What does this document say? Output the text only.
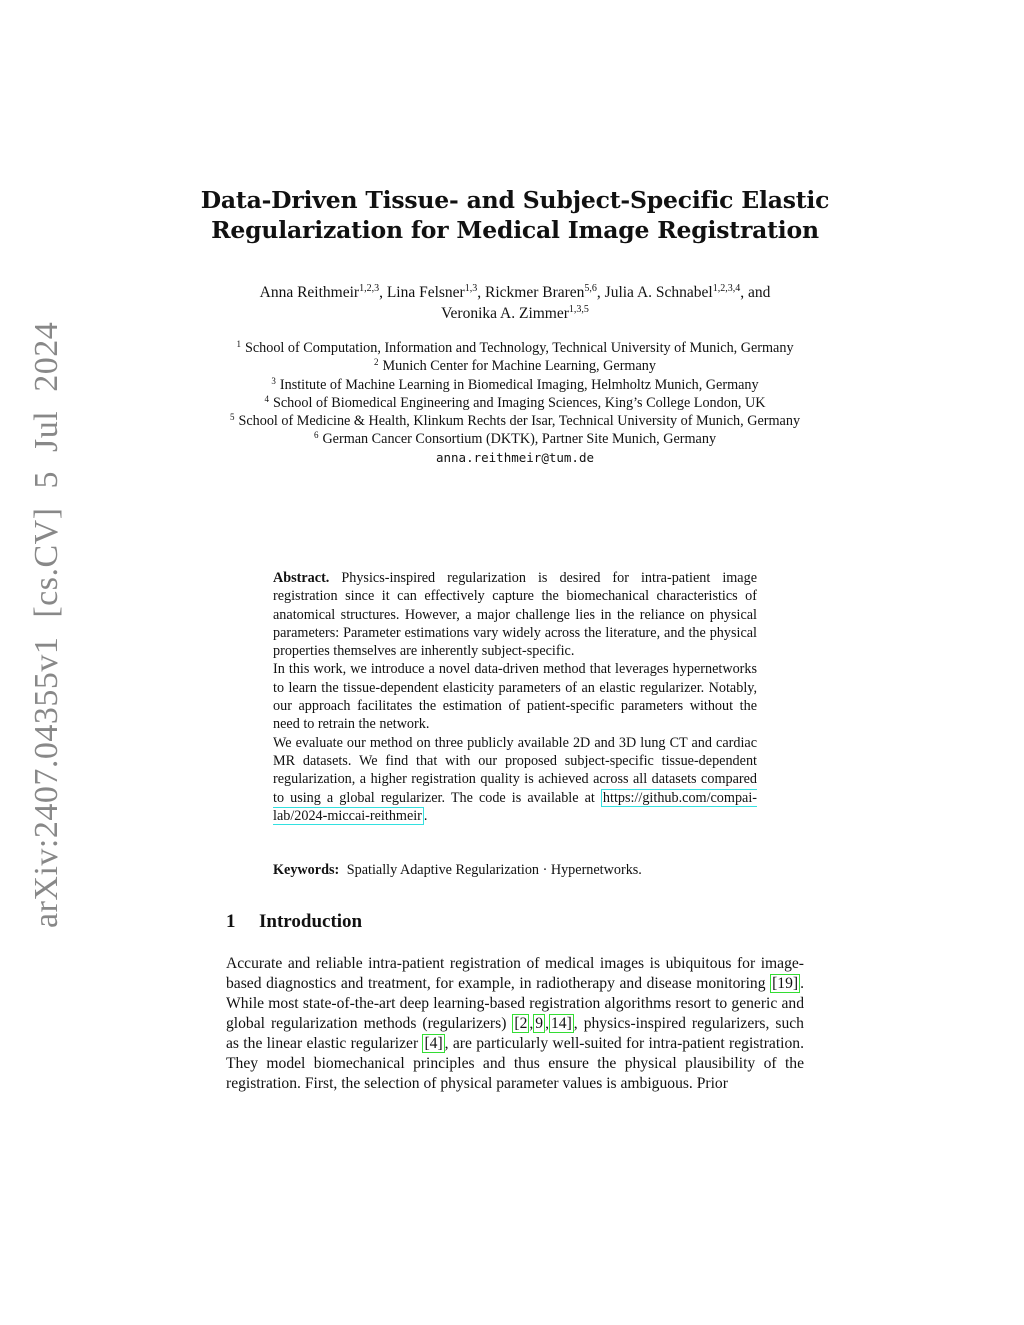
arXiv:2407.04355v1 [cs.CV] 5 Jul 2024
Data-Driven Tissue- and Subject-Specific Elastic
Regularization for Medical Image Registration
Anna Reithmeir$^{1,2,3}$, Lina Felsner$^{1,3}$, Rickmer Braren$^{5,6}$, Julia A. Schnabel$^{1,2,3,4}$, and Veronika A. Zimmer$^{1,3,5}$
$^1$ School of Computation, Information and Technology, Technical University of Munich, Germany
$^2$ Munich Center for Machine Learning, Germany
$^3$ Institute of Machine Learning in Biomedical Imaging, Helmholtz Munich, Germany
$^4$ School of Biomedical Engineering and Imaging Sciences, King’s College London, UK
$^5$ School of Medicine & Health, Klinkum Rechts der Isar, Technical University of Munich, Germany
$^6$ German Cancer Consortium (DKTK), Partner Site Munich, Germany
anna.reithmeir@tum.de

Abstract. Physics-inspired regularization is desired for intra-patient image registration since it can effectively capture the biomechanical characteristics of anatomical structures. However, a major challenge lies in the reliance on physical parameters: Parameter estimations vary widely across the literature, and the physical properties themselves are inherently subject-specific.

In this work, we introduce a novel data-driven method that leverages hypernetworks to learn the tissue-dependent elasticity parameters of an elastic regularizer. Notably, our approach facilitates the estimation of patient-specific parameters without the need to retrain the network.

We evaluate our method on three publicly available 2D and 3D lung CT and cardiac MR datasets. We find that with our proposed subject-specific tissue-dependent regularization, a higher registration quality is achieved across all datasets compared to using a global regularizer. The code is available at https://github.com/compai-lab/2024-miccai-reithmeir .

Keywords: Spatially Adaptive Regularization · Hypernetworks.
1 Introduction

Accurate and reliable intra-patient registration of medical images is ubiquitous for image-based diagnostics and treatment, for example, in radiotherapy and disease monitoring [19] . While most state-of-the-art deep learning-based registration algorithms resort to generic and global regularization methods (regularizers) [2 , 9 , 14] , physics-inspired regularizers, such as the linear elastic regularizer [4] , are particularly well-suited for intra-patient registration. They model biomechanical principles and thus ensure the physical plausibility of the registration. First, the selection of physical parameter values is ambiguous. Prior
